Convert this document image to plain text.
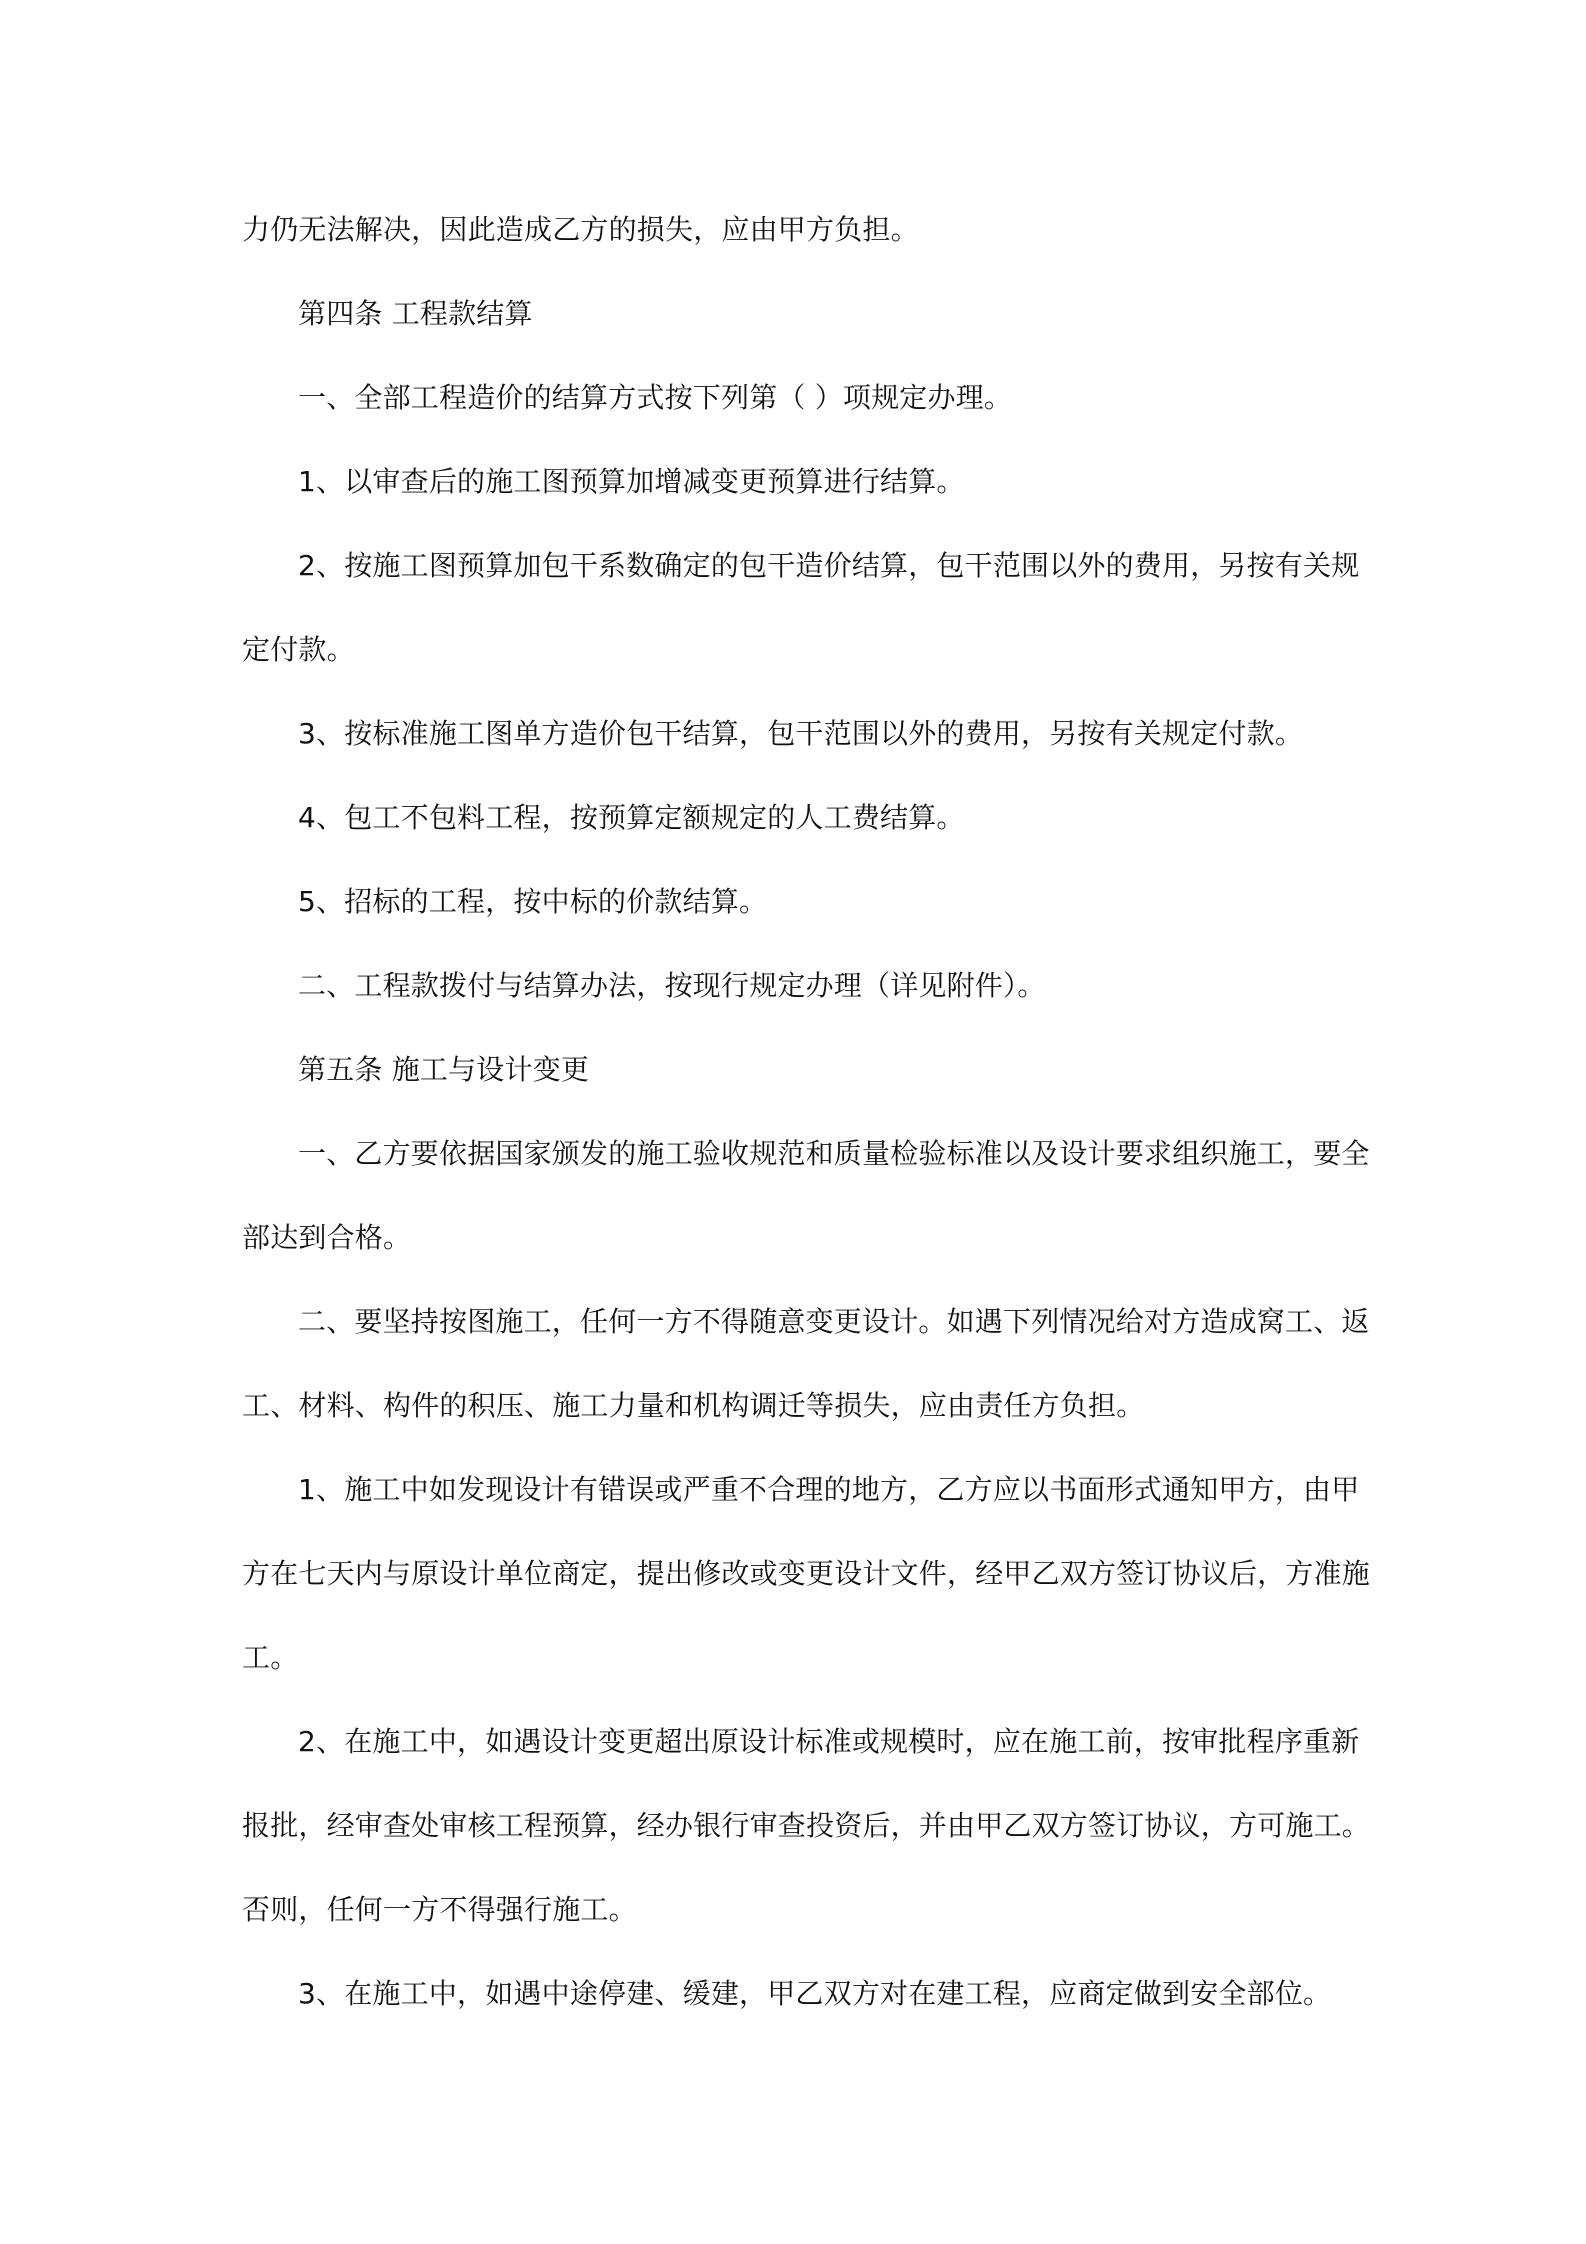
力仍无法解决，因此造成乙方的损失，应由甲方负担。
第四条 工程款结算
一、全部工程造价的结算方式按下列第（ ）项规定办理。
1、以审查后的施工图预算加增减变更预算进行结算。
2、按施工图预算加包干系数确定的包干造价结算，包干范围以外的费用，另按有关规
定付款。
3、按标准施工图单方造价包干结算，包干范围以外的费用，另按有关规定付款。
4、包工不包料工程，按预算定额规定的人工费结算。
5、招标的工程，按中标的价款结算。
二、工程款拨付与结算办法，按现行规定办理（详见附件）。
第五条 施工与设计变更
一、乙方要依据国家颁发的施工验收规范和质量检验标准以及设计要求组织施工，要全
部达到合格。
二、要坚持按图施工，任何一方不得随意变更设计。如遇下列情况给对方造成窝工、返
工、材料、构件的积压、施工力量和机构调迁等损失，应由责任方负担。
1、施工中如发现设计有错误或严重不合理的地方，乙方应以书面形式通知甲方，由甲
方在七天内与原设计单位商定，提出修改或变更设计文件，经甲乙双方签订协议后，方准施
工。
2、在施工中，如遇设计变更超出原设计标准或规模时，应在施工前，按审批程序重新
报批，经审查处审核工程预算，经办银行审查投资后，并由甲乙双方签订协议，方可施工。
否则，任何一方不得强行施工。
3、在施工中，如遇中途停建、缓建，甲乙双方对在建工程，应商定做到安全部位。
